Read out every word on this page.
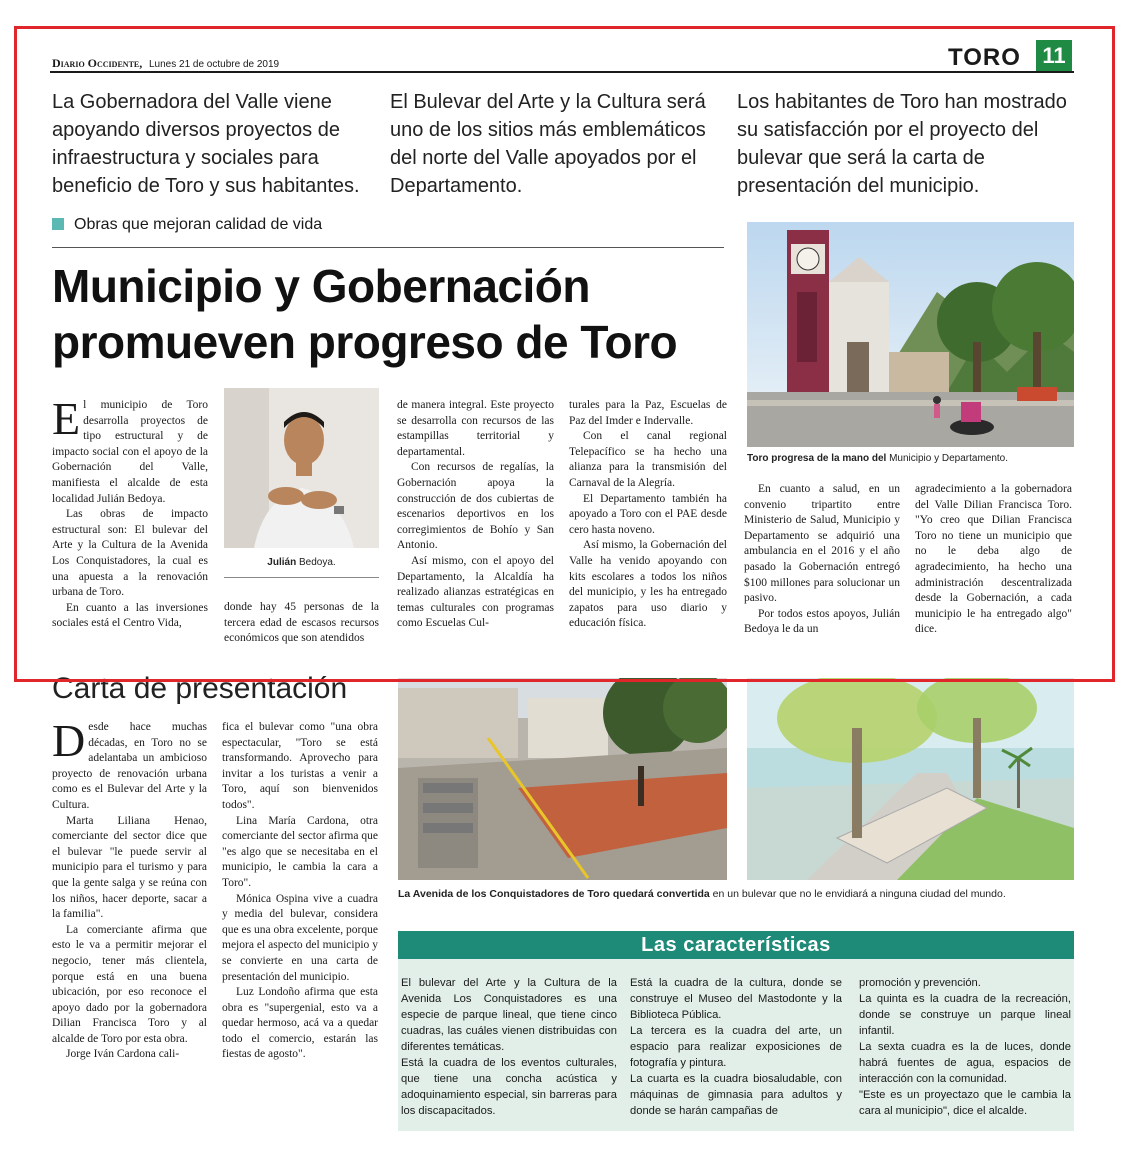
Diario Occidente, Lunes 21 de octubre de 2019	TORO 11
La Gobernadora del Valle viene apoyando diversos proyectos de infraestructura y sociales para beneficio de Toro y sus habitantes.
El Bulevar del Arte y la Cultura será uno de los sitios más emblemáticos del norte del Valle apoyados por el Departamento.
Los habitantes de Toro han mostrado su satisfacción por el proyecto del bulevar que será la carta de presentación del municipio.
Obras que mejoran calidad de vida
Municipio y Gobernación
promueven progreso de Toro
Toro progresa de la mano del Municipio y Departamento.

El municipio de Toro desarrolla proyectos de tipo estructural y de impacto social con el apoyo de la Gobernación del Valle, manifiesta el alcalde de esta localidad Julián Bedoya.

Las obras de impacto estructural son: El bulevar del Arte y la Cultura de la Avenida Los Conquistadores, la cual es una apuesta a la renovación urbana de Toro.

En cuanto a las inversiones sociales está el Centro Vida,

Julián Bedoya.

donde hay 45 personas de la tercera edad de escasos recursos económicos que son atendidos

de manera integral. Este proyecto se desarrolla con recursos de las estampillas territorial y departamental.

Con recursos de regalías, la Gobernación apoya la construcción de dos cubiertas de escenarios deportivos en los corregimientos de Bohío y San Antonio.

Así mismo, con el apoyo del Departamento, la Alcaldía ha realizado alianzas estratégicas en temas culturales con programas como Escuelas Cul-

turales para la Paz, Escuelas de Paz del Imder e Indervalle.

Con el canal regional Telepacífico se ha hecho una alianza para la transmisión del Carnaval de la Alegría.

El Departamento también ha apoyado a Toro con el PAE desde cero hasta noveno.

Así mismo, la Gobernación del Valle ha venido apoyando con kits escolares a todos los niños del municipio, y les ha entregado zapatos para uso diario y educación física.

En cuanto a salud, en un convenio tripartito entre Ministerio de Salud, Municipio y Departamento se adquirió una ambulancia en el 2016 y el año pasado la Gobernación entregó $100 millones para solucionar un pasivo.

Por todos estos apoyos, Julián Bedoya le da un

agradecimiento a la gobernadora del Valle Dilian Francisca Toro. "Yo creo que Dilian Francisca Toro no tiene un municipio que no le deba algo de agradecimiento, ha hecho una administración descentralizada desde la Gobernación, a cada municipio le ha entregado algo" dice.

Carta de presentación

Desde hace muchas décadas, en Toro no se adelantaba un ambicioso proyecto de renovación urbana como es el Bulevar del Arte y la Cultura.

Marta Liliana Henao, comerciante del sector dice que el bulevar "le puede servir al municipio para el turismo y para que la gente salga y se reúna con los niños, hacer deporte, sacar a la familia".

La comerciante afirma que esto le va a permitir mejorar el negocio, tener más clientela, porque está en una buena ubicación, por eso reconoce el apoyo dado por la gobernadora Dilian Francisca Toro y al alcalde de Toro por esta obra.

Jorge Iván Cardona cali-

fica el bulevar como "una obra espectacular, "Toro se está transformando. Aprovecho para invitar a los turistas a venir a Toro, aquí son bienvenidos todos".

Lina María Cardona, otra comerciante del sector afirma que "es algo que se necesitaba en el municipio, le cambia la cara a Toro".

Mónica Ospina vive a cuadra y media del bulevar, considera que es una obra excelente, porque mejora el aspecto del municipio y se convierte en una carta de presentación del municipio.

Luz Londoño afirma que esta obra es "supergenial, esto va a quedar hermoso, acá va a quedar todo el comercio, estarán las fiestas de agosto".

La Avenida de los Conquistadores de Toro quedará convertida en un bulevar que no le envidiará a ninguna ciudad del mundo.
Las características

El bulevar del Arte y la Cultura de la Avenida Los Conquistadores es una especie de parque lineal, que tiene cinco cuadras, las cuáles vienen distribuidas con diferentes temáticas.

Está la cuadra de los eventos culturales, que tiene una concha acústica y adoquinamiento especial, sin barreras para los discapacitados.

Está la cuadra de la cultura, donde se construye el Museo del Mastodonte y la Biblioteca Pública.

La tercera es la cuadra del arte, un espacio para realizar exposiciones de fotografía y pintura.

La cuarta es la cuadra biosaludable, con máquinas de gimnasia para adultos y donde se harán campañas de

promoción y prevención.

La quinta es la cuadra de la recreación, donde se construye un parque lineal infantil.

La sexta cuadra es la de luces, donde habrá fuentes de agua, espacios de interacción con la comunidad.

"Este es un proyectazo que le cambia la cara al municipio", dice el alcalde.
